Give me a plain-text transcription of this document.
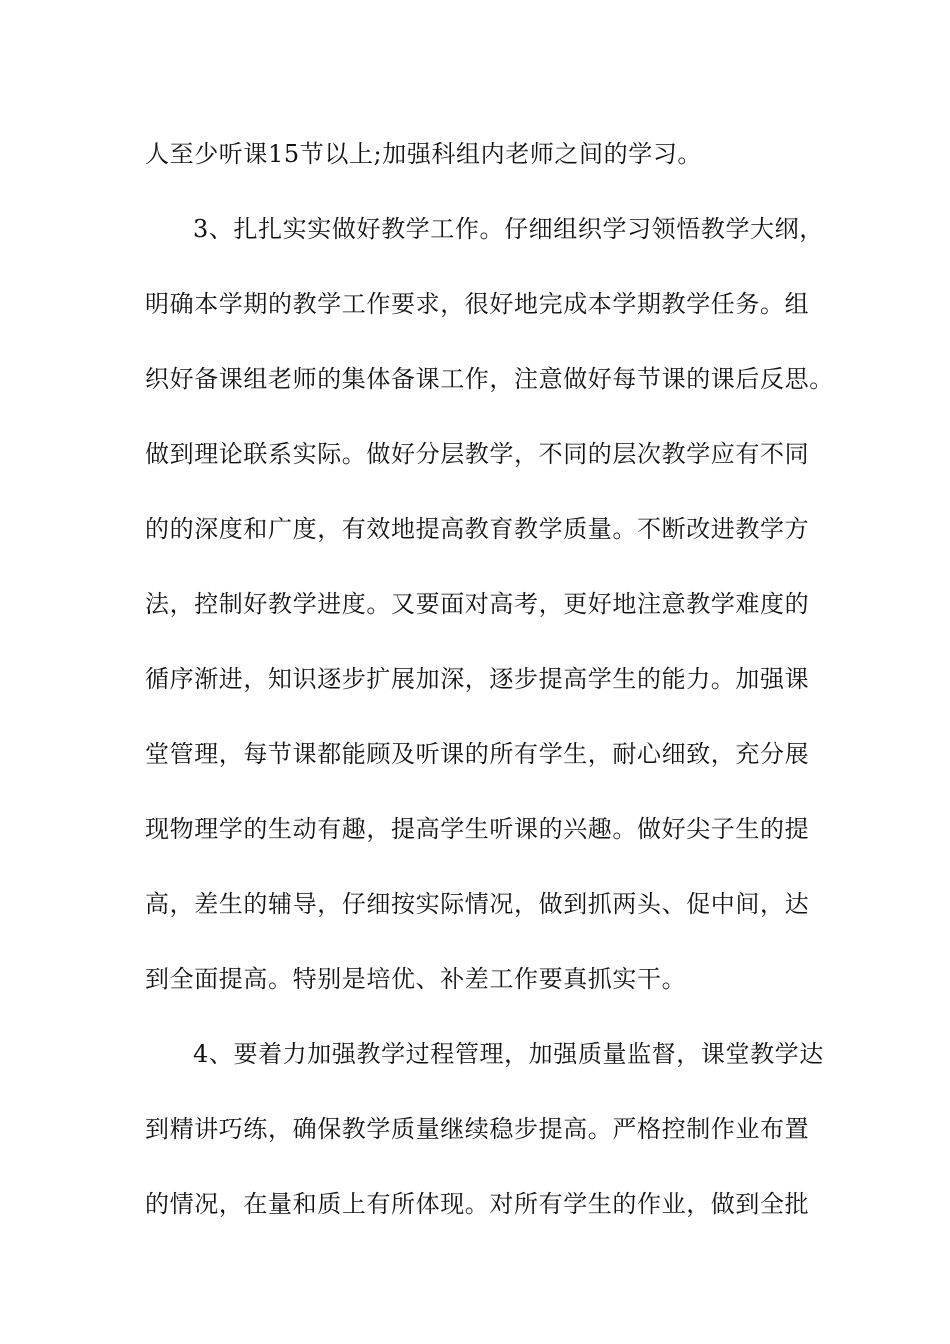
人至少听课15节以上;加强科组内老师之间的学习。
3、扎扎实实做好教学工作。仔细组织学习领悟教学大纲，
明确本学期的教学工作要求，很好地完成本学期教学任务。组
织好备课组老师的集体备课工作，注意做好每节课的课后反思。
做到理论联系实际。做好分层教学，不同的层次教学应有不同
的的深度和广度，有效地提高教育教学质量。不断改进教学方
法，控制好教学进度。又要面对高考，更好地注意教学难度的
循序渐进，知识逐步扩展加深，逐步提高学生的能力。加强课
堂管理，每节课都能顾及听课的所有学生，耐心细致，充分展
现物理学的生动有趣，提高学生听课的兴趣。做好尖子生的提
高，差生的辅导，仔细按实际情况，做到抓两头、促中间，达
到全面提高。特别是培优、补差工作要真抓实干。
4、要着力加强教学过程管理，加强质量监督，课堂教学达
到精讲巧练，确保教学质量继续稳步提高。严格控制作业布置
的情况，在量和质上有所体现。对所有学生的作业，做到全批
